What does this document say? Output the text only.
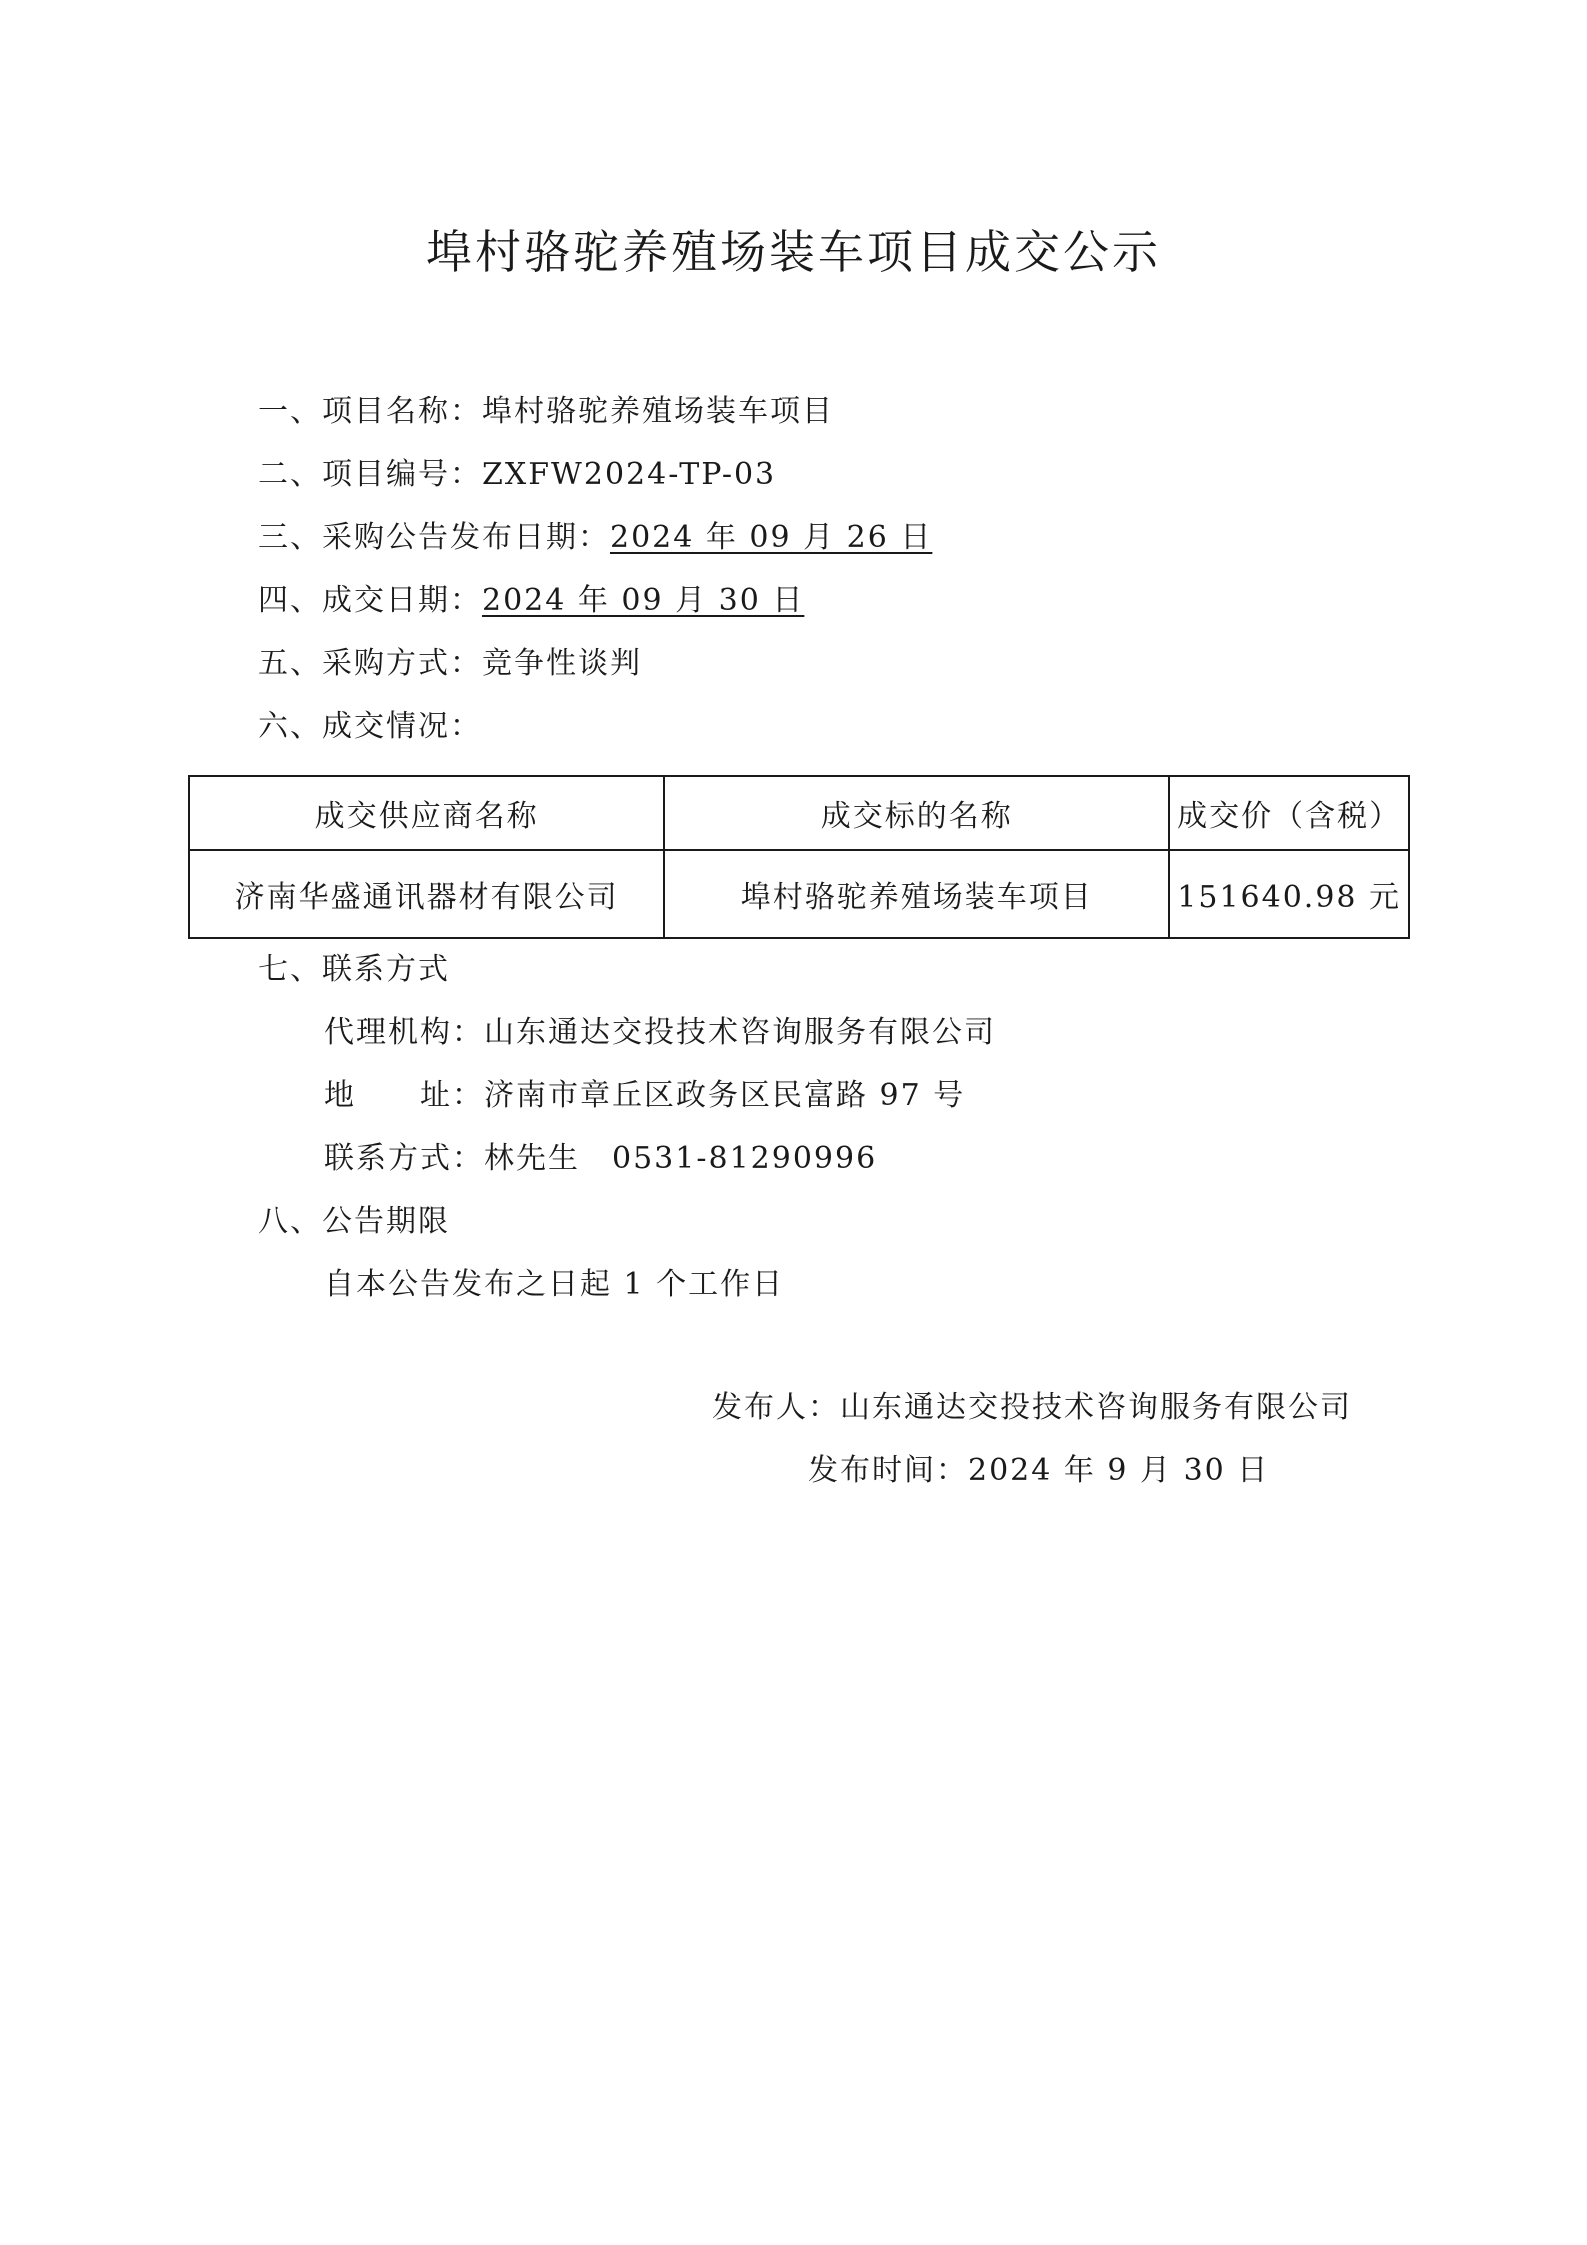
埠村骆驼养殖场装车项目成交公示
一、项目名称：埠村骆驼养殖场装车项目
二、项目编号：ZXFW2024-TP-03
三、采购公告发布日期：2024 年 09 月 26 日
四、成交日期：2024 年 09 月 30 日
五、采购方式：竞争性谈判
六、成交情况：
成交供应商名称	成交标的名称	成交价（含税）
济南华盛通讯器材有限公司	埠村骆驼养殖场装车项目	151640.98 元
七、联系方式
代理机构：山东通达交投技术咨询服务有限公司
地　　址：济南市章丘区政务区民富路 97 号
联系方式：林先生　0531-81290996
八、公告期限
自本公告发布之日起 1 个工作日
发布人：山东通达交投技术咨询服务有限公司
发布时间：2024 年 9 月 30 日
